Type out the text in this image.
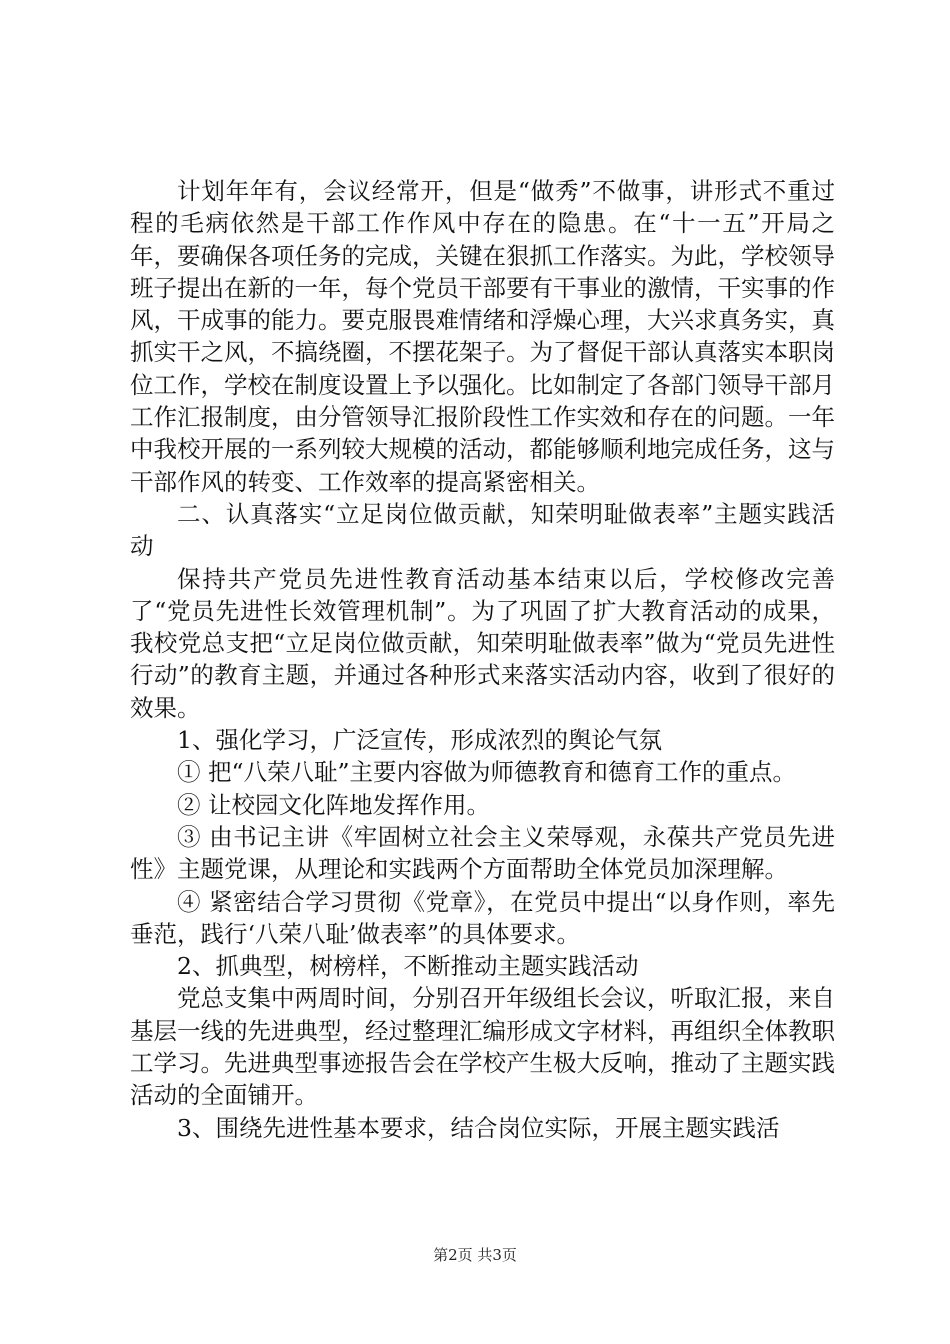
计划年年有，会议经常开，但是“做秀”不做事，讲形式不重过程的毛病依然是干部工作作风中存在的隐患。在“十一五”开局之年，要确保各项任务的完成，关键在狠抓工作落实。为此，学校领导班子提出在新的一年，每个党员干部要有干事业的激情，干实事的作风，干成事的能力。要克服畏难情绪和浮燥心理，大兴求真务实，真抓实干之风，不搞绕圈，不摆花架子。为了督促干部认真落实本职岗位工作，学校在制度设置上予以强化。比如制定了各部门领导干部月工作汇报制度，由分管领导汇报阶段性工作实效和存在的问题。一年中我校开展的一系列较大规模的活动，都能够顺利地完成任务，这与干部作风的转变、工作效率的提高紧密相关。

二、认真落实“立足岗位做贡献，知荣明耻做表率”主题实践活动

保持共产党员先进性教育活动基本结束以后，学校修改完善了“党员先进性长效管理机制”。为了巩固了扩大教育活动的成果，我校党总支把“立足岗位做贡献，知荣明耻做表率”做为“党员先进性行动”的教育主题，并通过各种形式来落实活动内容，收到了很好的效果。

1、强化学习，广泛宣传，形成浓烈的舆论气氛

① 把“八荣八耻”主要内容做为师德教育和德育工作的重点。

② 让校园文化阵地发挥作用。

③ 由书记主讲《牢固树立社会主义荣辱观，永葆共产党员先进性》主题党课，从理论和实践两个方面帮助全体党员加深理解。

④ 紧密结合学习贯彻《党章》，在党员中提出“以身作则，率先垂范，践行‘八荣八耻’做表率”的具体要求。

2、抓典型，树榜样，不断推动主题实践活动

党总支集中两周时间，分别召开年级组长会议，听取汇报，来自基层一线的先进典型，经过整理汇编形成文字材料，再组织全体教职工学习。先进典型事迹报告会在学校产生极大反响，推动了主题实践活动的全面铺开。

3、围绕先进性基本要求，结合岗位实际，开展主题实践活

第2页 共3页
